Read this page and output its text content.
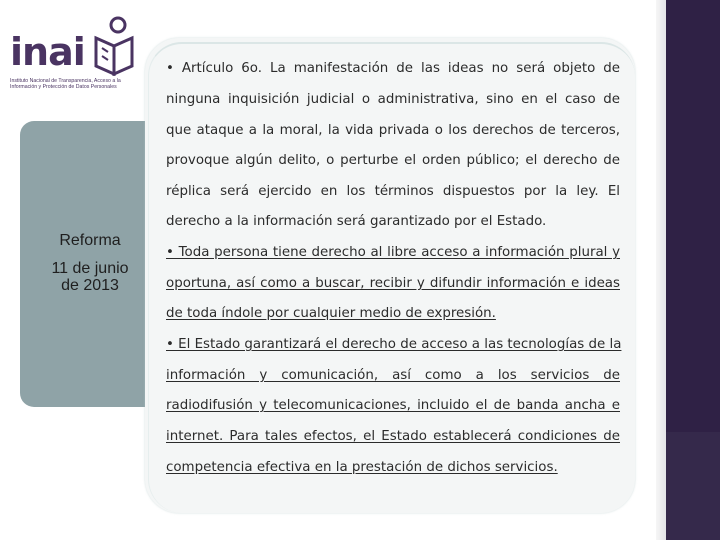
inai
Instituto Nacional de Transparencia, Acceso a la
Información y Protección de Datos Personales
Reforma
11 de junio
de 2013
• Artículo 6o. La manifestación de las ideas no será objeto de
ninguna inquisición judicial o administrativa, sino en el caso de
que ataque a la moral, la vida privada o los derechos de terceros,
provoque algún delito, o perturbe el orden público; el derecho de
réplica será ejercido en los términos dispuestos por la ley. El
derecho a la información será garantizado por el Estado.
• Toda persona tiene derecho al libre acceso a información plural y
oportuna, así como a buscar, recibir y difundir información e ideas
de toda índole por cualquier medio de expresión.
• El Estado garantizará el derecho de acceso a las tecnologías de la
información y comunicación, así como a los servicios de
radiodifusión y telecomunicaciones, incluido el de banda ancha e
internet. Para tales efectos, el Estado establecerá condiciones de
competencia efectiva en la prestación de dichos servicios.
